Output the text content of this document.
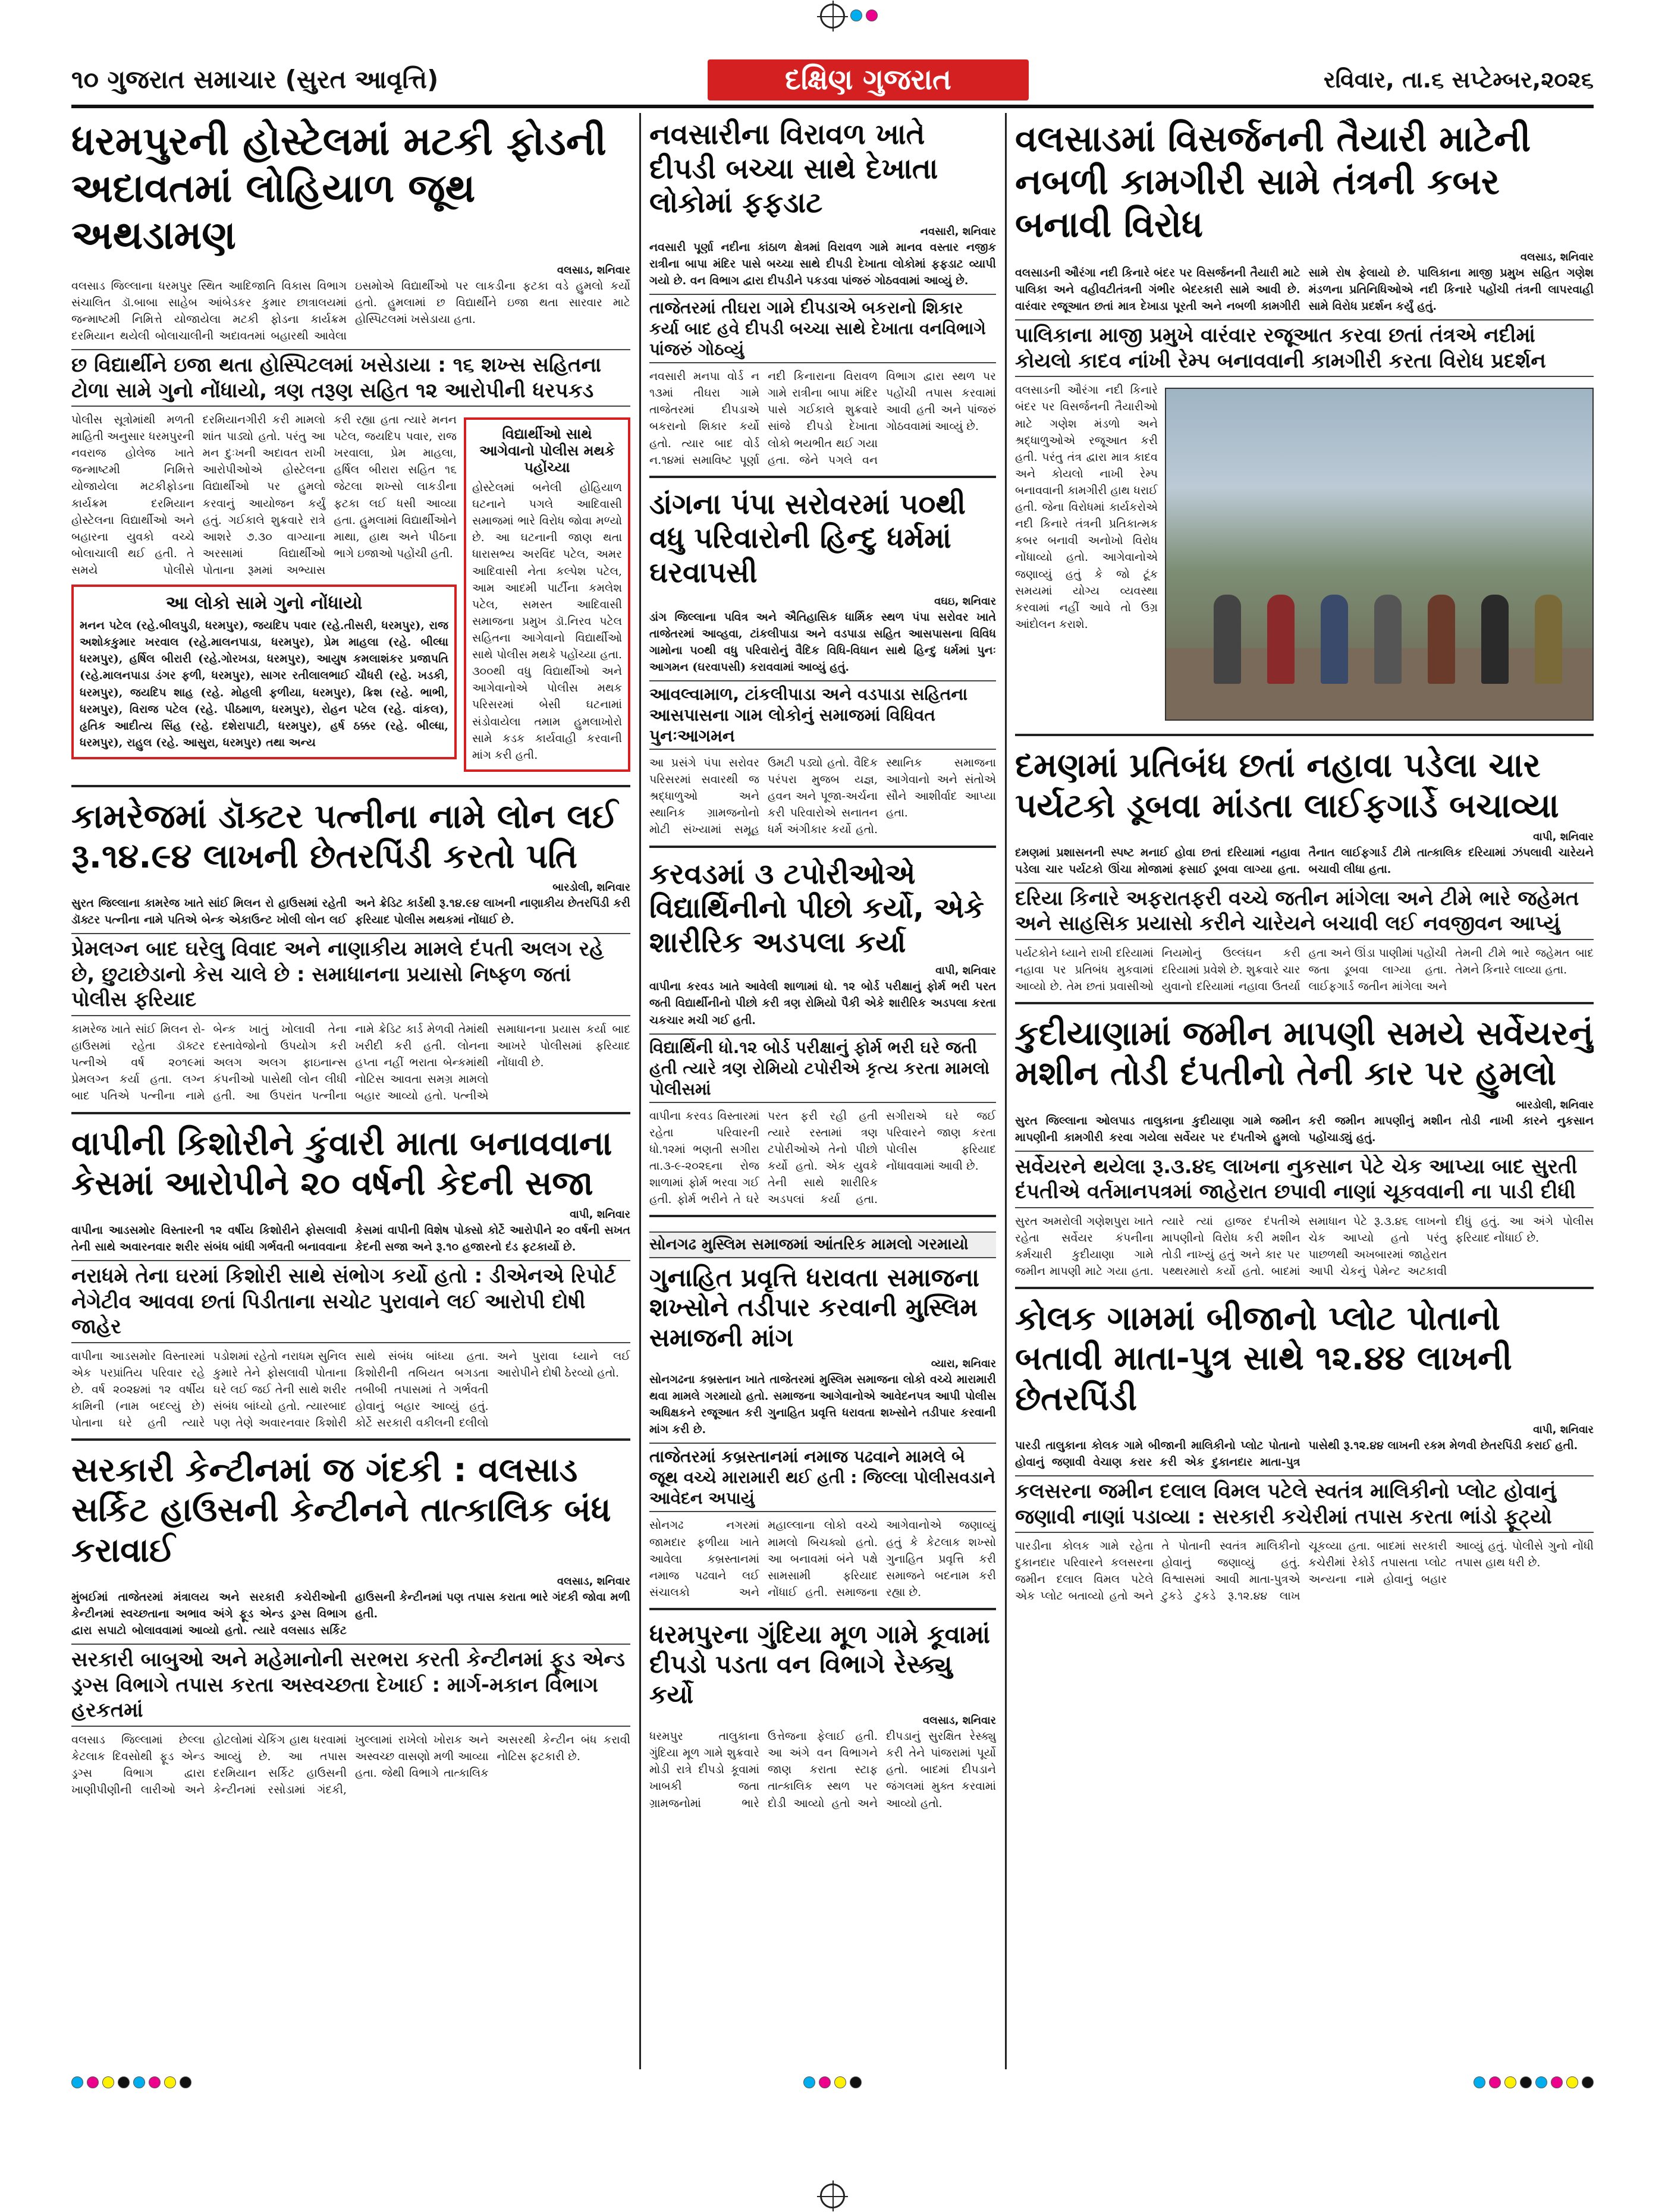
૧૦ ગુજરાત સમાચાર (સુરત આવૃત્તિ)	દક્ષિણ ગુજરાત	રવિવાર, તા.૬ સપ્ટેમ્બર,૨૦૨૬
ધરમપુરની હોસ્ટેલમાં મટકી ફોડની અદાવતમાં લોહિયાળ જૂથ અથડામણ
વલસાડ, શનિવાર

વલસાડ જિલ્લાના ધરમપુર સ્થિત આદિજાતિ વિકાસ વિભાગ સંચાલિત ડૉ.બાબા સાહેબ આંબેડકર કુમાર છાત્રાલયમાં જન્માષ્ટમી નિમિત્તે યોજાયેલા મટકી ફોડના કાર્યક્રમ દરમિયાન થયેલી બોલાચાલીની અદાવતમાં બહારથી આવેલા ઇસમોએ વિદ્યાર્થીઓ પર લાકડીના ફટકા વડે હુમલો કર્યો હતો. હુમલામાં છ વિદ્યાર્થીને ઇજા થતા સારવાર માટે હોસ્પિટલમાં ખસેડાયા હતા.

છ વિદ્યાર્થીને ઇજા થતા હોસ્પિટલમાં ખસેડાયા : ૧૬ શખ્સ સહિતના ટોળા સામે ગુનો નોંધાયો, ત્રણ તરૂણ સહિત ૧૨ આરોપીની ધરપકડ

પોલીસ સૂત્રોમાંથી મળતી માહિતી અનુસાર ધરમપુરની નવરાજ હોલેજ ખાતે જન્માષ્ટમી નિમિત્તે યોજાયેલા મટકીફોડના કાર્યક્રમ દરમિયાન હોસ્ટેલના વિદ્યાર્થીઓ અને બહારના યુવકો વચ્ચે બોલાચાલી થઈ હતી. તે સમયે પોલીસે દરમિયાનગીરી કરી મામલો શાંત પાડ્યો હતો. પરંતુ આ મન દુઃખની અદાવત રાખી આરોપીઓએ હોસ્ટેલના વિદ્યાર્થીઓ પર હુમલો કરવાનું આયોજન કર્યું હતું. ગઈકાલે શુક્રવારે રાત્રે આશરે ૭.૩૦ વાગ્યાના અરસામાં વિદ્યાર્થીઓ પોતાના રૂમમાં અભ્યાસ કરી રહ્યા હતા ત્યારે મનન પટેલ, જયદિપ પવાર, રાજ ખરવાલા, પ્રેમ માહલા, હર્ષિલ બીરારા સહિત ૧૬ જેટલા શખ્સો લાકડીના ફટકા લઈ ધસી આવ્યા હતા. હુમલામાં વિદ્યાર્થીઓને માથા, હાથ અને પીઠના ભાગે ઇજાઓ પહોંચી હતી.

આ લોકો સામે ગુનો નોંધાયો

મનન પટેલ (રહે.બીલપુડી, ધરમપુર), જયદિપ પવાર (રહે.તીસરી, ધરમપુર), રાજ અશોકકુમાર ખરવાલ (રહે.માલનપાડા, ધરમપુર), પ્રેમ માહલા (રહે. બીલ્ધા ધરમપુર), હર્ષિલ બીરારી (રહે.ગોરખડા, ધરમપુર), આયુષ કમલાશંકર પ્રજાપતિ (રહે.માલનપાડા ડંગર ફળી, ધરમપુર), સાગર રતીલાલભાઈ ચૌધરી (રહે. ખડકી, ધરમપુર), જયદિપ શાહ (રહે. મોહલી ફળીયા, ધરમપુર), ક્રિશ (રહે. ભાભી, ધરમપુર), વિરાજ પટેલ (રહે. પીઠમાળ, ધરમપુર), રોહન પટેલ (રહે. વાંકલ), હૃતિક આદીત્ય સિંહ (રહે. દશેરાપાટી, ધરમપુર), હર્ષ ઠક્કર (રહે. બીલ્ધા, ધરમપુર), રાહુલ (રહે. આસુરા, ધરમપુર) તથા અન્ય

વિદ્યાર્થીઓ સાથે આગેવાનો પોલીસ મથકે પહોંચ્યા

હોસ્ટેલમાં બનેલી હોહિયાળ ઘટનાને પગલે આદિવાસી સમાજમાં ભારે વિરોધ જોવા મળ્યો છે. આ ઘટનાની જાણ થતા ધારાસભ્ય અરવિંદ પટેલ, અમર આદિવાસી નેતા કલ્પેશ પટેલ, આમ આદમી પાર્ટીના કમલેશ પટેલ, સમસ્ત આદિવાસી સમાજના પ્રમુખ ડૉ.નિરવ પટેલ સહિતના આગેવાનો વિદ્યાર્થીઓ સાથે પોલીસ મથકે પહોંચ્યા હતા. ૩૦૦થી વધુ વિદ્યાર્થીઓ અને આગેવાનોએ પોલીસ મથક પરિસરમાં બેસી ઘટનામાં સંડોવાયેલા તમામ હુમલાખોરો સામે કડક કાર્યવાહી કરવાની માંગ કરી હતી.

કામરેજમાં ડૉક્ટર પત્નીના નામે લોન લઈ રૂ.૧૪.૯૪ લાખની છેતરપિંડી કરતો પતિ
બારડોલી, શનિવાર

સુરત જિલ્લાના કામરેજ ખાતે સાંઈ મિલન રો હાઉસમાં રહેતી ડૉક્ટર પત્નીના નામે પતિએ બેન્ક એકાઉન્ટ ખોલી લોન લઈ અને ક્રેડિટ કાર્ડથી રૂ.૧૪.૯૪ લાખની નાણાકીય છેતરપિંડી કરી ફરિયાદ પોલીસ મથકમાં નોંધાઈ છે.

પ્રેમલગ્ન બાદ ઘરેલુ વિવાદ અને નાણાકીય મામલે દંપતી અલગ રહે છે, છુટાછેડાનો કેસ ચાલે છે : સમાધાનના પ્રયાસો નિષ્ફળ જતાં પોલીસ ફરિયાદ

કામરેજ ખાતે સાંઈ મિલન રો-હાઉસમાં રહેતા ડૉક્ટર પત્નીએ વર્ષ ૨૦૧૯માં પ્રેમલગ્ન કર્યા હતા. લગ્ન બાદ પતિએ પત્નીના નામે બેન્ક ખાતું ખોલાવી તેના દસ્તાવેજોનો ઉપયોગ કરી અલગ અલગ ફાઇનાન્સ કંપનીઓ પાસેથી લોન લીધી હતી. આ ઉપરાંત પત્નીના નામે ક્રેડિટ કાર્ડ મેળવી તેમાંથી ખરીદી કરી હતી. લોનના હપ્તા નહીં ભરાતા બેન્કમાંથી નોટિસ આવતા સમગ્ર મામલો બહાર આવ્યો હતો. પત્નીએ સમાધાનના પ્રયાસ કર્યા બાદ આખરે પોલીસમાં ફરિયાદ નોંધાવી છે.

વાપીની કિશોરીને કુંવારી માતા બનાવવાના કેસમાં આરોપીને ૨૦ વર્ષની કેદની સજા
વાપી, શનિવાર

વાપીના આડસમોર વિસ્તારની ૧૨ વર્ષીય કિશોરીને ફોસલાવી તેની સાથે અવારનવાર શરીર સંબંધ બાંધી ગર્ભવતી બનાવવાના કેસમાં વાપીની વિશેષ પોક્સો કોર્ટે આરોપીને ૨૦ વર્ષની સખત કેદની સજા અને રૂ.૧૦ હજારનો દંડ ફટકાર્યો છે.

નરાધમે તેના ઘરમાં કિશોરી સાથે સંભોગ કર્યો હતો : ડીએનએ રિપોર્ટ નેગેટીવ આવવા છતાં પિડીતાના સચોટ પુરાવાને લઈ આરોપી દોષી જાહેર

વાપીના આડસમોર વિસ્તારમાં એક પરપ્રાંતિય પરિવાર રહે છે. વર્ષ ૨૦૨૪માં ૧૨ વર્ષીય કામિની (નામ બદલ્યું છે) પોતાના ઘરે હતી ત્યારે પડોશમાં રહેતો નરાધમ સુનિલ કુમારે તેને ફોસલાવી પોતાના ઘરે લઈ જઈ તેની સાથે શરીર સંબંધ બાંધ્યો હતો. ત્યારબાદ પણ તેણે અવારનવાર કિશોરી સાથે સંબંધ બાંધ્યા હતા. કિશોરીની તબિયત બગડતા તબીબી તપાસમાં તે ગર્ભવતી હોવાનું બહાર આવ્યું હતું. કોર્ટે સરકારી વકીલની દલીલો અને પુરાવા ધ્યાને લઈ આરોપીને દોષી ઠેરવ્યો હતો.

સરકારી કેન્ટીનમાં જ ગંદકી : વલસાડ સર્કિટ હાઉસની કેન્ટીનને તાત્કાલિક બંધ કરાવાઈ
વલસાડ, શનિવાર

મુંબઈમાં તાજેતરમાં મંત્રાલય અને સરકારી કચેરીઓની કેન્ટીનમાં સ્વચ્છતાના અભાવ અંગે ફૂડ એન્ડ ડ્રગ્સ વિભાગ દ્વારા સપાટો બોલાવવામાં આવ્યો હતો. ત્યારે વલસાડ સર્કિટ હાઉસની કેન્ટીનમાં પણ તપાસ કરાતા ભારે ગંદકી જોવા મળી હતી.

સરકારી બાબુઓ અને મહેમાનોની સરભરા કરતી કેન્ટીનમાં ફૂડ એન્ડ ડ્રગ્સ વિભાગે તપાસ કરતા અસ્વચ્છતા દેખાઈ : માર્ગ-મકાન વિભાગ હરકતમાં

વલસાડ જિલ્લામાં છેલ્લા કેટલાક દિવસોથી ફૂડ એન્ડ ડ્રગ્સ વિભાગ દ્વારા ખાણીપીણીની લારીઓ અને હોટલોમાં ચેકિંગ હાથ ધરવામાં આવ્યું છે. આ તપાસ દરમિયાન સર્કિટ હાઉસની કેન્ટીનમાં રસોડામાં ગંદકી, ખુલ્લામાં રાખેલો ખોરાક અને અસ્વચ્છ વાસણો મળી આવ્યા હતા. જેથી વિભાગે તાત્કાલિક અસરથી કેન્ટીન બંધ કરાવી નોટિસ ફટકારી છે.

નવસારીના વિરાવળ ખાતે દીપડી બચ્ચા સાથે દેખાતા લોકોમાં ફફડાટ
નવસારી, શનિવાર

નવસારી પૂર્ણા નદીના કાંઠાળ ક્ષેત્રમાં વિરાવળ ગામે માનવ વસ્તાર નજીક રાત્રીના બાપા મંદિર પાસે બચ્ચા સાથે દીપડી દેખાતા લોકોમાં ફફડાટ વ્યાપી ગયો છે. વન વિભાગ દ્વારા દીપડીને પકડવા પાંજરું ગોઠવવામાં આવ્યું છે.

તાજેતરમાં તીઘરા ગામે દીપડાએ બકરાનો શિકાર કર્યા બાદ હવે દીપડી બચ્ચા સાથે દેખાતા વનવિભાગે પાંજરું ગોઠવ્યું

નવસારી મનપા વોર્ડ ન ૧૩માં તીઘરા ગામે તાજેતરમાં દીપડાએ બકરાનો શિકાર કર્યો હતો. ત્યાર બાદ વોર્ડ ન.૧૪માં સમાવિષ્ટ પૂર્ણા નદી કિનારાના વિરાવળ ગામે રાત્રીના બાપા મંદિર પાસે ગઈકાલે શુક્રવારે સાંજે દીપડો દેખાતા લોકો ભયભીત થઈ ગયા હતા. જેને પગલે વન વિભાગ દ્વારા સ્થળ પર પહોંચી તપાસ કરવામાં આવી હતી અને પાંજરું ગોઠવવામાં આવ્યું છે.

ડાંગના પંપા સરોવરમાં ૫૦થી વધુ પરિવારોની હિન્દુ ધર્મમાં ઘરવાપસી
વઘઇ, શનિવાર

ડાંગ જિલ્લાના પવિત્ર અને ઐતિહાસિક ધાર્મિક સ્થળ પંપા સરોવર ખાતે તાજેતરમાં આવ્હવા, ટાંકલીપાડા અને વડપાડા સહિત આસપાસના વિવિધ ગામોના ૫૦થી વધુ પરિવારોનું વૈદિક વિધિ-વિધાન સાથે હિન્દુ ધર્મમાં પુનઃ આગમન (ઘરવાપસી) કરાવવામાં આવ્યું હતું.

આવલ્વામાળ, ટાંકલીપાડા અને વડપાડા સહિતના આસપાસના ગામ લોકોનું સમાજમાં વિધિવત પુનઃઆગમન

આ પ્રસંગે પંપા સરોવર પરિસરમાં સવારથી જ શ્રદ્ધાળુઓ અને સ્થાનિક ગ્રામજનોનો મોટી સંખ્યામાં સમૂહ ઉમટી પડ્યો હતો. વૈદિક પરંપરા મુજબ યજ્ઞ, હવન અને પૂજા-અર્ચના કરી પરિવારોએ સનાતન ધર્મ અંગીકાર કર્યો હતો. સ્થાનિક સમાજના આગેવાનો અને સંતોએ સૌને આશીર્વાદ આપ્યા હતા.

કરવડમાં ૩ ટપોરીઓએ વિદ્યાર્થિનીનો પીછો કર્યો, એકે શારીરિક અડપલા કર્યા
વાપી, શનિવાર

વાપીના કરવડ ખાતે આવેલી શાળામાં ધો. ૧૨ બોર્ડ પરીક્ષાનું ફોર્મ ભરી પરત જતી વિદ્યાર્થીનીનો પીછો કરી ત્રણ રોમિયો પૈકી એકે શારીરિક અડપલા કરતા ચકચાર મચી ગઈ હતી.

વિદ્યાર્થિની ધો.૧૨ બોર્ડ પરીક્ષાનું ફોર્મ ભરી ઘરે જતી હતી ત્યારે ત્રણ રોમિયો ટપોરીએ કૃત્ય કરતા મામલો પોલીસમાં

વાપીના કરવડ વિસ્તારમાં રહેતા પરિવારની ધો.૧૨માં ભણતી સગીરા તા.૩-૯-૨૦૨૬ના રોજ શાળામાં ફોર્મ ભરવા ગઈ હતી. ફોર્મ ભરીને તે ઘરે પરત ફરી રહી હતી ત્યારે રસ્તામાં ત્રણ ટપોરીઓએ તેનો પીછો કર્યો હતો. એક યુવકે તેની સાથે શારીરિક અડપલાં કર્યા હતા. સગીરાએ ઘરે જઈ પરિવારને જાણ કરતા પોલીસ ફરિયાદ નોંધાવવામાં આવી છે.

સોનગઢ મુસ્લિમ સમાજમાં આંતરિક મામલો ગરમાયો
ગુનાહિત પ્રવૃત્તિ ધરાવતા સમાજના શખ્સોને તડીપાર કરવાની મુસ્લિમ સમાજની માંગ
વ્યારા, શનિવાર

સોનગઢના કબ્રસ્તાન ખાતે તાજેતરમાં મુસ્લિમ સમાજના લોકો વચ્ચે મારામારી થવા મામલે ગરમાયો હતો. સમાજના આગેવાનોએ આવેદનપત્ર આપી પોલીસ અધિક્ષકને રજૂઆત કરી ગુનાહિત પ્રવૃત્તિ ધરાવતા શખ્સોને તડીપાર કરવાની માંગ કરી છે.

તાજેતરમાં કબ્રસ્તાનમાં નમાજ પઢવાને મામલે બે જૂથ વચ્ચે મારામારી થઈ હતી : જિલ્લા પોલીસવડાને આવેદન અપાયું

સોનગઢ નગરમાં જામદાર ફળીયા ખાતે આવેલા કબ્રસ્તાનમાં નમાજ પઢવાને લઈ સંચાલકો અને મહાલ્લાના લોકો વચ્ચે મામલો બિચક્યો હતો. આ બનાવમાં બંને પક્ષે સામસામી ફરિયાદ નોંધાઈ હતી. સમાજના આગેવાનોએ જણાવ્યું હતું કે કેટલાક શખ્સો ગુનાહિત પ્રવૃત્તિ કરી સમાજને બદનામ કરી રહ્યા છે.

ધરમપુરના ગુંદિયા મૂળ ગામે કૂવામાં દીપડો પડતા વન વિભાગે રેસ્ક્યુ કર્યો
વલસાડ, શનિવાર

ધરમપુર તાલુકાના ગુંદિયા મૂળ ગામે શુક્રવારે મોડી રાત્રે દીપડો કૂવામાં ખાબકી જતા ગ્રામજનોમાં ભારે ઉત્તેજના ફેલાઈ હતી. આ અંગે વન વિભાગને જાણ કરાતા સ્ટાફ તાત્કાલિક સ્થળ પર દોડી આવ્યો હતો અને દીપડાનું સુરક્ષિત રેસ્ક્યુ કરી તેને પાંજરામાં પૂર્યો હતો. બાદમાં દીપડાને જંગલમાં મુક્ત કરવામાં આવ્યો હતો.

વલસાડમાં વિસર્જનની તૈયારી માટેની નબળી કામગીરી સામે તંત્રની કબર બનાવી વિરોધ
વલસાડ, શનિવાર

વલસાડની ઔરંગા નદી કિનારે બંદર પર વિસર્જનની તૈયારી માટે પાલિકા અને વહીવટીતંત્રની ગંભીર બેદરકારી સામે આવી છે. વારંવાર રજૂઆત છતાં માત્ર દેખાડા પૂરતી અને નબળી કામગીરી સામે રોષ ફેલાયો છે. પાલિકાના માજી પ્રમુખ સહિત ગણેશ મંડળના પ્રતિનિધિઓએ નદી કિનારે પહોંચી તંત્રની લાપરવાહી સામે વિરોધ પ્રદર્શન કર્યું હતું.

પાલિકાના માજી પ્રમુખે વારંવાર રજૂઆત કરવા છતાં તંત્રએ નદીમાં કોયલો કાદવ નાંખી રેમ્પ બનાવવાની કામગીરી કરતા વિરોધ પ્રદર્શન

વલસાડની ઔરંગા નદી કિનારે બંદર પર વિસર્જનની તૈયારીઓ માટે ગણેશ મંડળો અને શ્રદ્ધાળુઓએ રજૂઆત કરી હતી. પરંતુ તંત્ર દ્વારા માત્ર કાદવ અને કોયલો નાખી રેમ્પ બનાવવાની કામગીરી હાથ ધરાઈ હતી. જેના વિરોધમાં કાર્યકરોએ નદી કિનારે તંત્રની પ્રતિકાત્મક કબર બનાવી અનોખો વિરોધ નોંધાવ્યો હતો. આગેવાનોએ જણાવ્યું હતું કે જો ટૂંક સમયમાં યોગ્ય વ્યવસ્થા કરવામાં નહીં આવે તો ઉગ્ર આંદોલન કરાશે.

દમણમાં પ્રતિબંધ છતાં નહાવા પડેલા ચાર પર્યટકો ડૂબવા માંડતા લાઈફગાર્ડે બચાવ્યા
વાપી, શનિવાર

દમણમાં પ્રશાસનની સ્પષ્ટ મનાઈ હોવા છતાં દરિયામાં નહાવા પડેલા ચાર પર્યટકો ઊંચા મોજામાં ફસાઈ ડૂબવા લાગ્યા હતા. તૈનાત લાઈફગાર્ડ ટીમે તાત્કાલિક દરિયામાં ઝંપલાવી ચારેયને બચાવી લીધા હતા.

દરિયા કિનારે અફરાતફરી વચ્ચે જતીન માંગેલા અને ટીમે ભારે જહેમત અને સાહસિક પ્રયાસો કરીને ચારેયને બચાવી લઈ નવજીવન આપ્યું

પર્યટકોને ધ્યાને રાખી દરિયામાં નહાવા પર પ્રતિબંધ મુકવામાં આવ્યો છે. તેમ છતાં પ્રવાસીઓ નિયમોનું ઉલ્લંઘન કરી દરિયામાં પ્રવેશે છે. શુક્રવારે ચાર યુવાનો દરિયામાં નહાવા ઉતર્યા હતા અને ઊંડા પાણીમાં પહોંચી જતા ડૂબવા લાગ્યા હતા. લાઈફગાર્ડ જતીન માંગેલા અને તેમની ટીમે ભારે જહેમત બાદ તેમને કિનારે લાવ્યા હતા.

કુદીયાણામાં જમીન માપણી સમયે સર્વેયરનું મશીન તોડી દંપતીનો તેની કાર પર હુમલો
બારડોલી, શનિવાર

સુરત જિલ્લાના ઓલપાડ તાલુકાના કુદીયાણા ગામે જમીન માપણીની કામગીરી કરવા ગયેલા સર્વેયર પર દંપતીએ હુમલો કરી જમીન માપણીનું મશીન તોડી નાખી કારને નુકસાન પહોંચાડ્યું હતું.

સર્વેયરને થયેલા રૂ.૩.૪૬ લાખના નુકસાન પેટે ચેક આપ્યા બાદ સુરતી દંપતીએ વર્તમાનપત્રમાં જાહેરાત છપાવી નાણાં ચૂકવવાની ના પાડી દીધી

સુરત અમરોલી ગણેશપુરા ખાતે રહેતા સર્વેયર કંપનીના કર્મચારી કુદીયાણા ગામે જમીન માપણી માટે ગયા હતા. ત્યારે ત્યાં હાજર દંપતીએ માપણીનો વિરોધ કરી મશીન તોડી નાખ્યું હતું અને કાર પર પથ્થરમારો કર્યો હતો. બાદમાં સમાધાન પેટે રૂ.૩.૪૬ લાખનો ચેક આપ્યો હતો પરંતુ પાછળથી અખબારમાં જાહેરાત આપી ચેકનું પેમેન્ટ અટકાવી દીધું હતું. આ અંગે પોલીસ ફરિયાદ નોંધાઈ છે.

કોલક ગામમાં બીજાનો પ્લોટ પોતાનો બતાવી માતા-પુત્ર સાથે ૧૨.૪૪ લાખની છેતરપિંડી
વાપી, શનિવાર

પારડી તાલુકાના કોલક ગામે બીજાની માલિકીનો પ્લોટ પોતાનો હોવાનું જણાવી વેચાણ કરાર કરી એક દુકાનદાર માતા-પુત્ર પાસેથી રૂ.૧૨.૪૪ લાખની રકમ મેળવી છેતરપિંડી કરાઈ હતી.

કલસરના જમીન દલાલ વિમલ પટેલે સ્વતંત્ર માલિકીનો પ્લોટ હોવાનું જણાવી નાણાં પડાવ્યા : સરકારી કચેરીમાં તપાસ કરતા ભાંડો ફૂટ્યો

પારડીના કોલક ગામે રહેતા દુકાનદાર પરિવારને કલસરના જમીન દલાલ વિમલ પટેલે એક પ્લોટ બતાવ્યો હતો અને તે પોતાની સ્વતંત્ર માલિકીનો હોવાનું જણાવ્યું હતું. વિશ્વાસમાં આવી માતા-પુત્રએ ટુકડે ટુકડે રૂ.૧૨.૪૪ લાખ ચૂકવ્યા હતા. બાદમાં સરકારી કચેરીમાં રેકોર્ડ તપાસતા પ્લોટ અન્યના નામે હોવાનું બહાર આવ્યું હતું. પોલીસે ગુનો નોંધી તપાસ હાથ ધરી છે.
